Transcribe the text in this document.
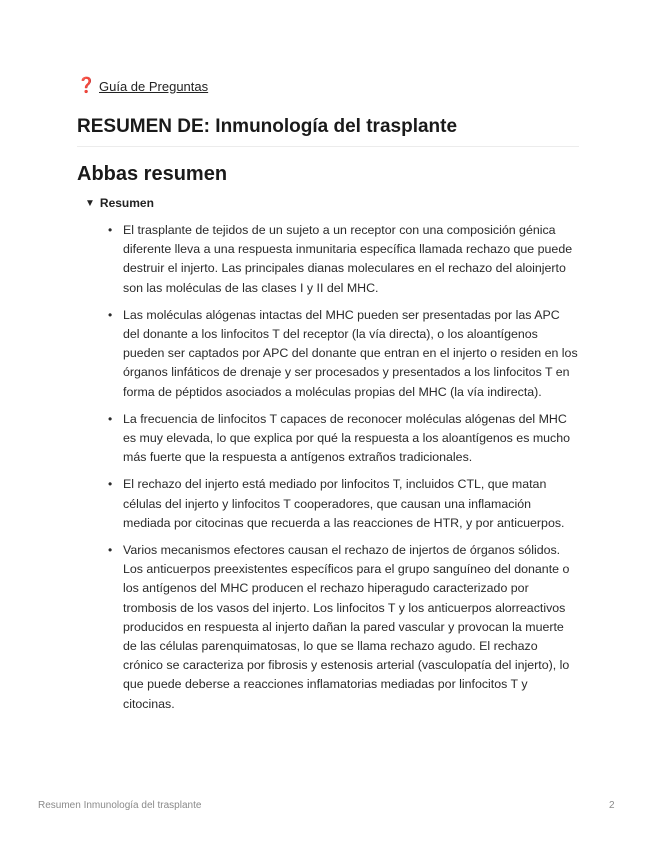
❓ Guía de Preguntas
RESUMEN DE: Inmunología del trasplante
Abbas resumen
▼ Resumen
• El trasplante de tejidos de un sujeto a un receptor con una composición génica diferente lleva a una respuesta inmunitaria específica llamada rechazo que puede destruir el injerto. Las principales dianas moleculares en el rechazo del aloinjerto son las moléculas de las clases I y II del MHC.
• Las moléculas alógenas intactas del MHC pueden ser presentadas por las APC del donante a los linfocitos T del receptor (la vía directa), o los aloantígenos pueden ser captados por APC del donante que entran en el injerto o residen en los órganos linfáticos de drenaje y ser procesados y presentados a los linfocitos T en forma de péptidos asociados a moléculas propias del MHC (la vía indirecta).
• La frecuencia de linfocitos T capaces de reconocer moléculas alógenas del MHC es muy elevada, lo que explica por qué la respuesta a los aloantígenos es mucho más fuerte que la respuesta a antígenos extraños tradicionales.
• El rechazo del injerto está mediado por linfocitos T, incluidos CTL, que matan células del injerto y linfocitos T cooperadores, que causan una inflamación mediada por citocinas que recuerda a las reacciones de HTR, y por anticuerpos.
• Varios mecanismos efectores causan el rechazo de injertos de órganos sólidos. Los anticuerpos preexistentes específicos para el grupo sanguíneo del donante o los antígenos del MHC producen el rechazo hiperagudo caracterizado por trombosis de los vasos del injerto. Los linfocitos T y los anticuerpos alorreactivos producidos en respuesta al injerto dañan la pared vascular y provocan la muerte de las células parenquimatosas, lo que se llama rechazo agudo. El rechazo crónico se caracteriza por fibrosis y estenosis arterial (vasculopatía del injerto), lo que puede deberse a reacciones inflamatorias mediadas por linfocitos T y citocinas.
Resumen Inmunología del trasplante	2
